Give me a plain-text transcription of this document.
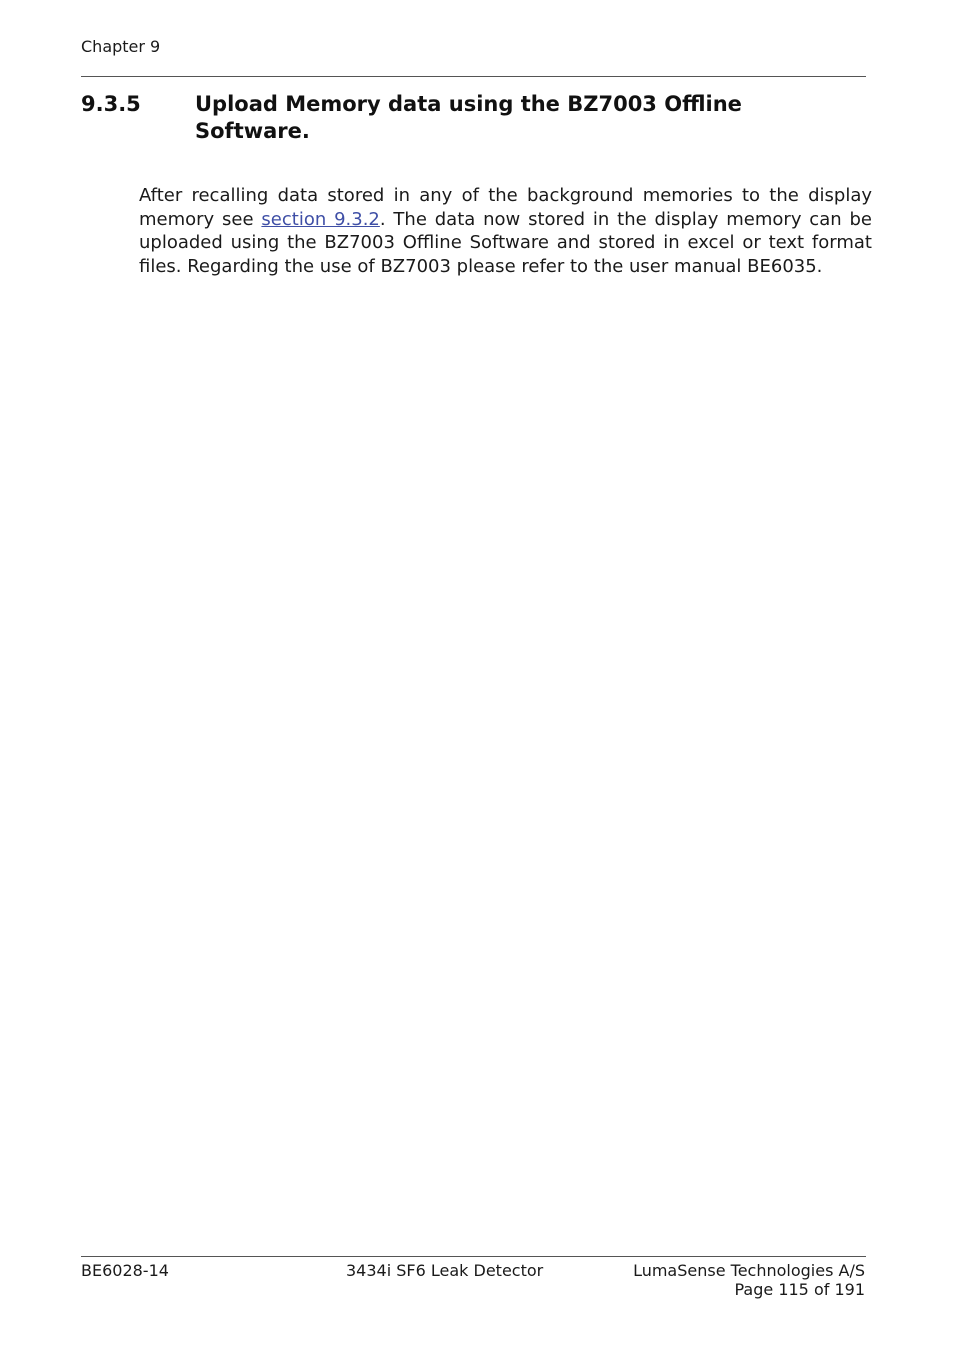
Chapter 9
9.3.5	Upload Memory data using the BZ7003 Offline Software.

After recalling data stored in any of the background memories to the display memory see section 9.3.2. The data now stored in the display memory can be uploaded using the BZ7003 Offline Software and stored in excel or text format files. Regarding the use of BZ7003 please refer to the user manual BE6035.

BE6028-14	3434i SF6 Leak Detector	LumaSense Technologies A/S
Page 115 of 191
